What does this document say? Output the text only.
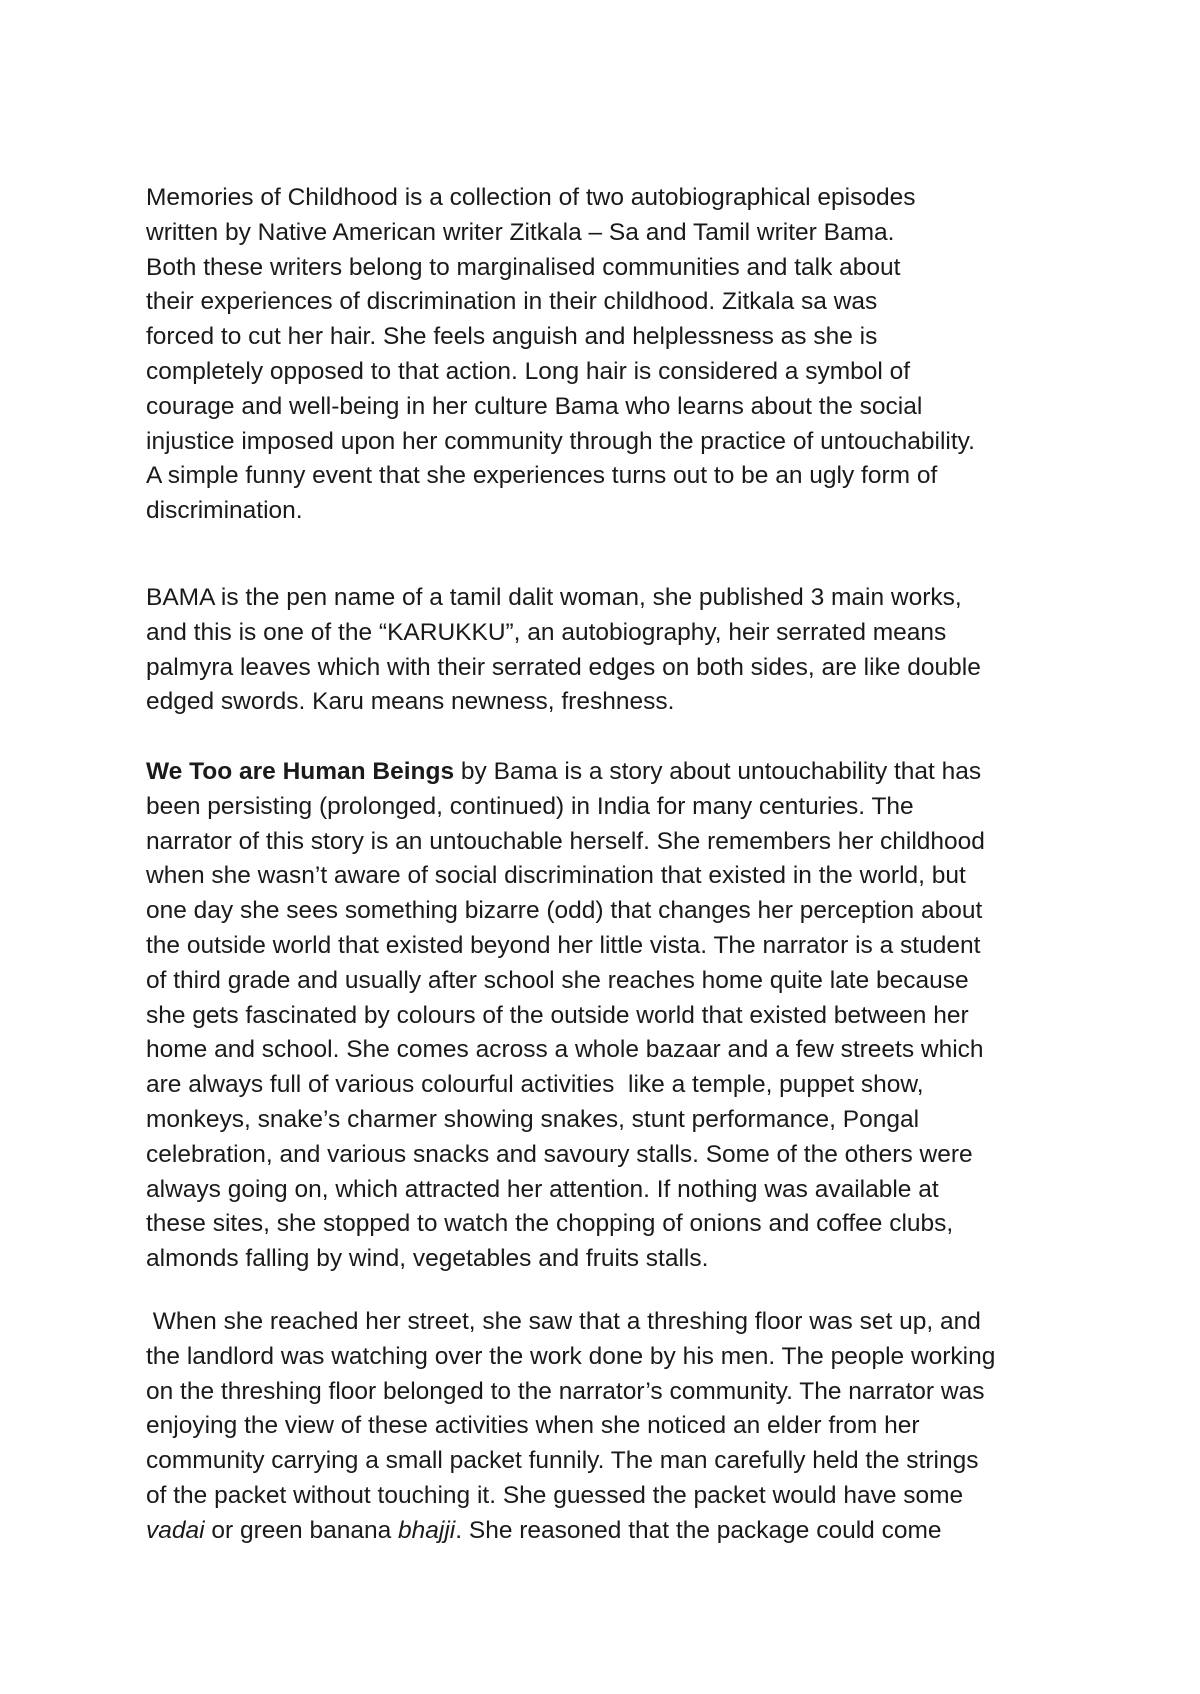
Memories of Childhood is a collection of two autobiographical episodes
written by Native American writer Zitkala – Sa and Tamil writer Bama.
Both these writers belong to marginalised communities and talk about
their experiences of discrimination in their childhood. Zitkala sa was
forced to cut her hair. She feels anguish and helplessness as she is
completely opposed to that action. Long hair is considered a symbol of
courage and well-being in her culture Bama who learns about the social
injustice imposed upon her community through the practice of untouchability.
A simple funny event that she experiences turns out to be an ugly form of
discrimination.
BAMA is the pen name of a tamil dalit woman, she published 3 main works,
and this is one of the “KARUKKU”, an autobiography, heir serrated means
palmyra leaves which with their serrated edges on both sides, are like double
edged swords. Karu means newness, freshness.
We Too are Human Beings by Bama is a story about untouchability that has
been persisting (prolonged, continued) in India for many centuries. The
narrator of this story is an untouchable herself. She remembers her childhood
when she wasn’t aware of social discrimination that existed in the world, but
one day she sees something bizarre (odd) that changes her perception about
the outside world that existed beyond her little vista. The narrator is a student
of third grade and usually after school she reaches home quite late because
she gets fascinated by colours of the outside world that existed between her
home and school. She comes across a whole bazaar and a few streets which
are always full of various colourful activities  like a temple, puppet show,
monkeys, snake’s charmer showing snakes, stunt performance, Pongal
celebration, and various snacks and savoury stalls. Some of the others were
always going on, which attracted her attention. If nothing was available at
these sites, she stopped to watch the chopping of onions and coffee clubs,
almonds falling by wind, vegetables and fruits stalls.
When she reached her street, she saw that a threshing floor was set up, and
the landlord was watching over the work done by his men. The people working
on the threshing floor belonged to the narrator’s community. The narrator was
enjoying the view of these activities when she noticed an elder from her
community carrying a small packet funnily. The man carefully held the strings
of the packet without touching it. She guessed the packet would have some
vadai or green banana bhajji. She reasoned that the package could come
